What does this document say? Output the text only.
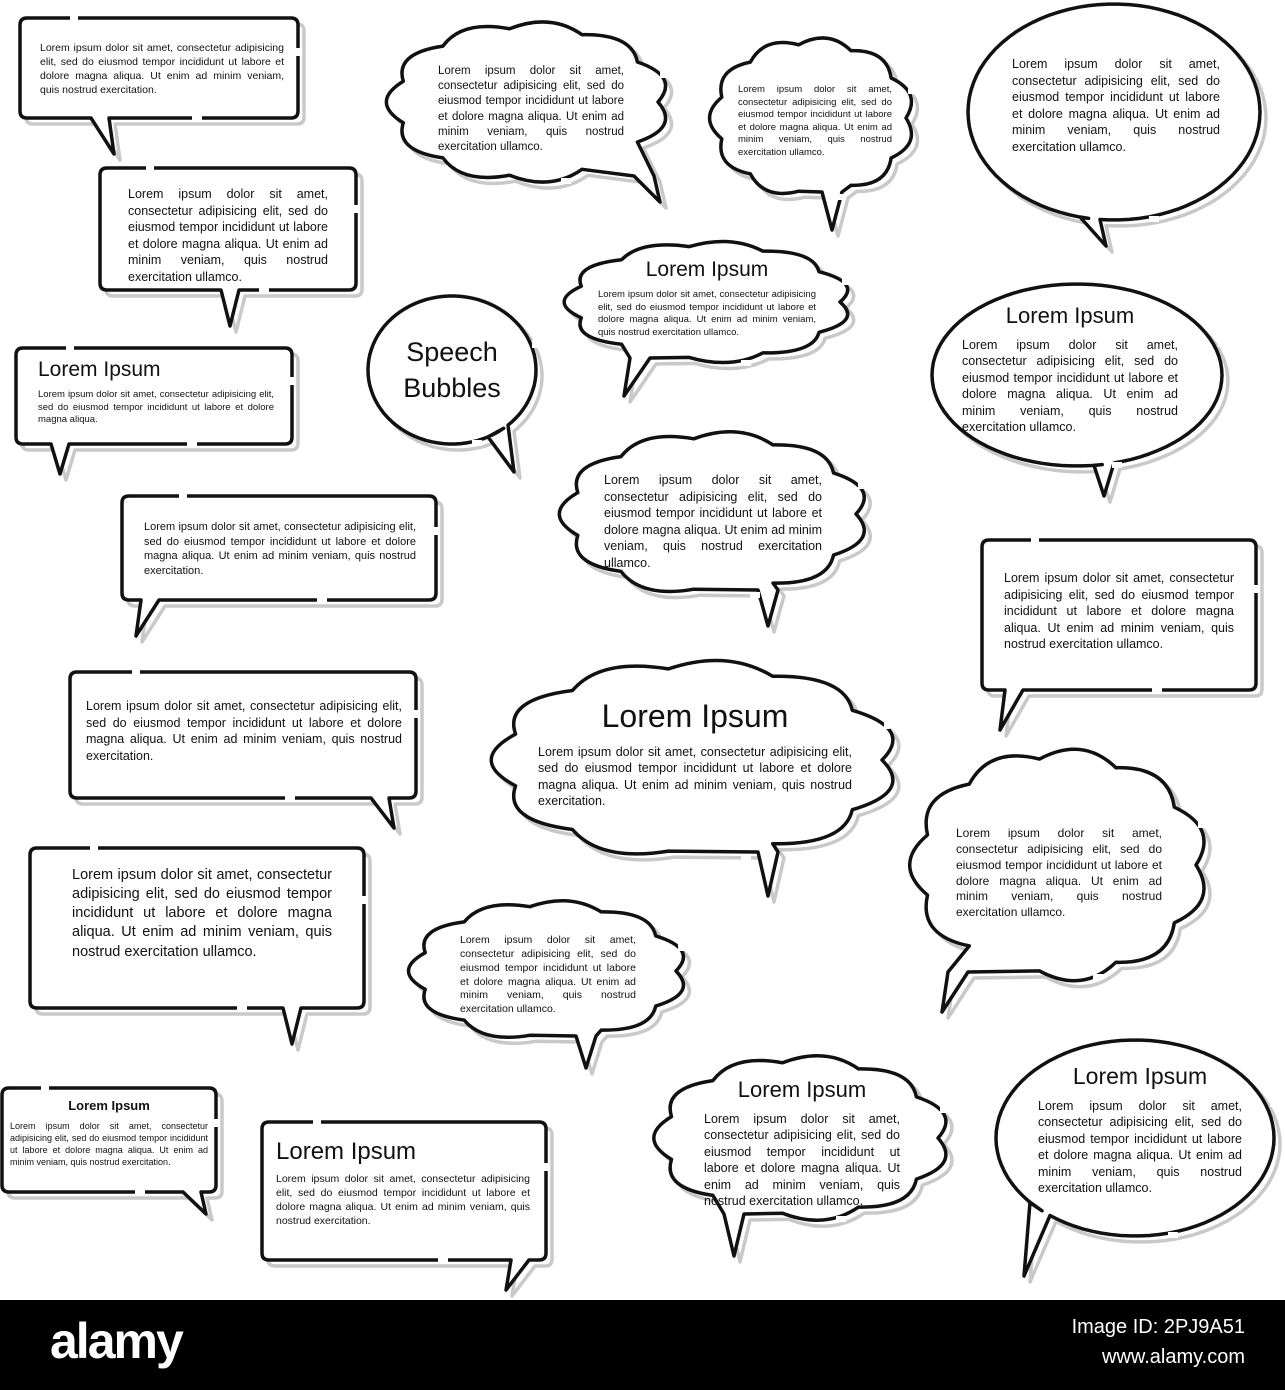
Lorem ipsum dolor sit amet, consectetur adipisicing elit, sed do eiusmod tempor incididunt ut labore et dolore magna aliqua. Ut enim ad minim veniam, quis nostrud exercitation.
Lorem ipsum dolor sit amet, consectetur adipisicing elit, sed do eiusmod tempor incididunt ut labore et dolore magna aliqua. Ut enim ad minim veniam, quis nostrud exercitation ullamco.
Lorem ipsum dolor sit amet, consectetur adipisicing elit, sed do eiusmod tempor incididunt ut labore et dolore magna aliqua. Ut enim ad minim veniam, quis nostrud exercitation ullamco.
Lorem ipsum dolor sit amet, consectetur adipisicing elit, sed do eiusmod tempor incididunt ut labore et dolore magna aliqua. Ut enim ad minim veniam, quis nostrud exercitation ullamco.
Lorem ipsum dolor sit amet, consectetur adipisicing elit, sed do eiusmod tempor incididunt ut labore et dolore magna aliqua. Ut enim ad minim veniam, quis nostrud exercitation ullamco.
Lorem Ipsum
Lorem ipsum dolor sit amet, consectetur adipisicing elit, sed do eiusmod tempor incididunt ut labore et dolore magna aliqua. Ut enim ad minim veniam, quis nostrud exercitation ullamco.
Lorem Ipsum
Lorem ipsum dolor sit amet, consectetur adipisicing elit, sed do eiusmod tempor incididunt ut labore et dolore magna aliqua.
Speech
Bubbles
Lorem Ipsum
Lorem ipsum dolor sit amet, consectetur adipisicing elit, sed do eiusmod tempor incididunt ut labore et dolore magna aliqua. Ut enim ad minim veniam, quis nostrud exercitation ullamco.
Lorem ipsum dolor sit amet, consectetur adipisicing elit, sed do eiusmod tempor incididunt ut labore et dolore magna aliqua. Ut enim ad minim veniam, quis nostrud exercitation.
Lorem ipsum dolor sit amet, consectetur adipisicing elit, sed do eiusmod tempor incididunt ut labore et dolore magna aliqua. Ut enim ad minim veniam, quis nostrud exercitation ullamco.
Lorem ipsum dolor sit amet, consectetur adipisicing elit, sed do eiusmod tempor incididunt ut labore et dolore magna aliqua. Ut enim ad minim veniam, quis nostrud exercitation ullamco.
Lorem ipsum dolor sit amet, consectetur adipisicing elit, sed do eiusmod tempor incididunt ut labore et dolore magna aliqua. Ut enim ad minim veniam, quis nostrud exercitation.
Lorem Ipsum
Lorem ipsum dolor sit amet, consectetur adipisicing elit, sed do eiusmod tempor incididunt ut labore et dolore magna aliqua. Ut enim ad minim veniam, quis nostrud exercitation.
Lorem ipsum dolor sit amet, consectetur adipisicing elit, sed do eiusmod tempor incididunt ut labore et dolore magna aliqua. Ut enim ad minim veniam, quis nostrud exercitation ullamco.
Lorem ipsum dolor sit amet, consectetur adipisicing elit, sed do eiusmod tempor incididunt ut labore et dolore magna aliqua. Ut enim ad minim veniam, quis nostrud exercitation ullamco.
Lorem ipsum dolor sit amet, consectetur adipisicing elit, sed do eiusmod tempor incididunt ut labore et dolore magna aliqua. Ut enim ad minim veniam, quis nostrud exercitation ullamco.
Lorem Ipsum
Lorem ipsum dolor sit amet, consectetur adipisicing elit, sed do eiusmod tempor incididunt ut labore et dolore magna aliqua. Ut enim ad minim veniam, quis nostrud exercitation.	Lorem Ipsum
Lorem ipsum dolor sit amet, consectetur adipisicing elit, sed do eiusmod tempor incididunt ut labore et dolore magna aliqua. Ut enim ad minim veniam, quis nostrud exercitation.
Lorem Ipsum
Lorem ipsum dolor sit amet, consectetur adipisicing elit, sed do eiusmod tempor incididunt ut labore et dolore magna aliqua. Ut enim ad minim veniam, quis nostrud exercitation ullamco.
Lorem Ipsum
Lorem ipsum dolor sit amet, consectetur adipisicing elit, sed do eiusmod tempor incididunt ut labore et dolore magna aliqua. Ut enim ad minim veniam, quis nostrud exercitation ullamco.
alamy	Image ID: 2PJ9A51
www.alamy.com
